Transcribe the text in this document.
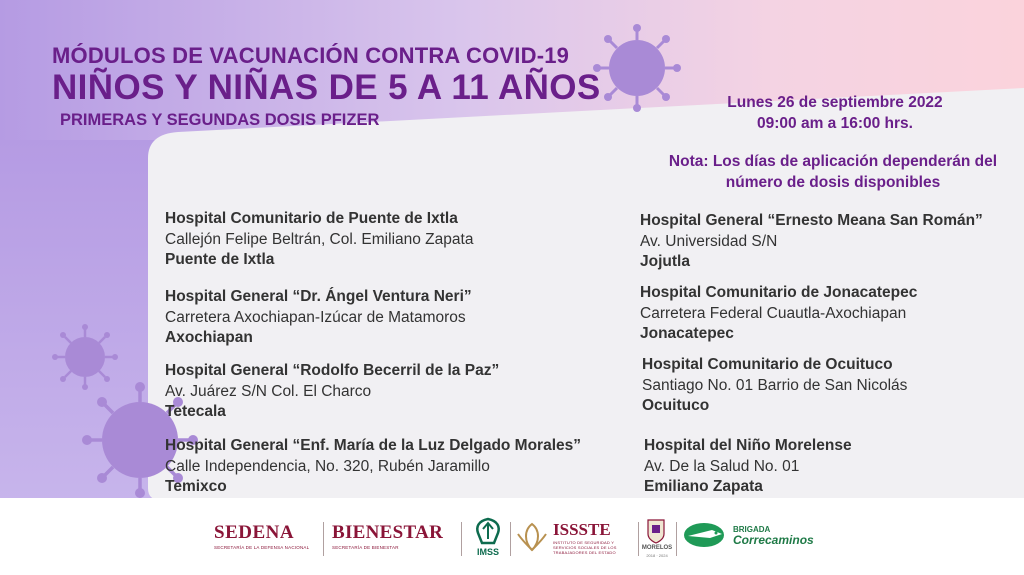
MÓDULOS DE VACUNACIÓN CONTRA COVID-19
NIÑOS Y NIÑAS DE 5 A 11 AÑOS
PRIMERAS Y SEGUNDAS DOSIS PFIZER
Lunes 26 de septiembre 2022
09:00 am a 16:00 hrs.
Nota: Los días de aplicación dependerán del
número de dosis disponibles
Hospital Comunitario de Puente de Ixtla
Callejón Felipe Beltrán, Col. Emiliano Zapata
Puente de Ixtla
Hospital General “Dr. Ángel Ventura Neri”
Carretera Axochiapan-Izúcar de Matamoros
Axochiapan
Hospital General “Rodolfo Becerril de la Paz”
Av. Juárez S/N Col. El Charco
Tetecala
Hospital General “Enf. María de la Luz Delgado Morales”
Calle Independencia, No. 320, Rubén Jaramillo
Temixco
Hospital General “Ernesto Meana San Román”
Av. Universidad S/N
Jojutla
Hospital Comunitario de Jonacatepec
Carretera Federal Cuautla-Axochiapan
Jonacatepec
Hospital Comunitario de Ocuituco
Santiago No. 01 Barrio de San Nicolás
Ocuituco
Hospital del Niño Morelense
Av. De la Salud No. 01
Emiliano Zapata
SEDENA
SECRETARÍA DE LA DEFENSA NACIONAL
BIENESTAR
SECRETARÍA DE BIENESTAR	IMSS
ISSSTE
INSTITUTO DE SEGURIDAD Y SERVICIOS SOCIALES DE LOS TRABAJADORES DEL ESTADO
MORELOS
2018 · 2024
BRIGADA
Correcaminos
